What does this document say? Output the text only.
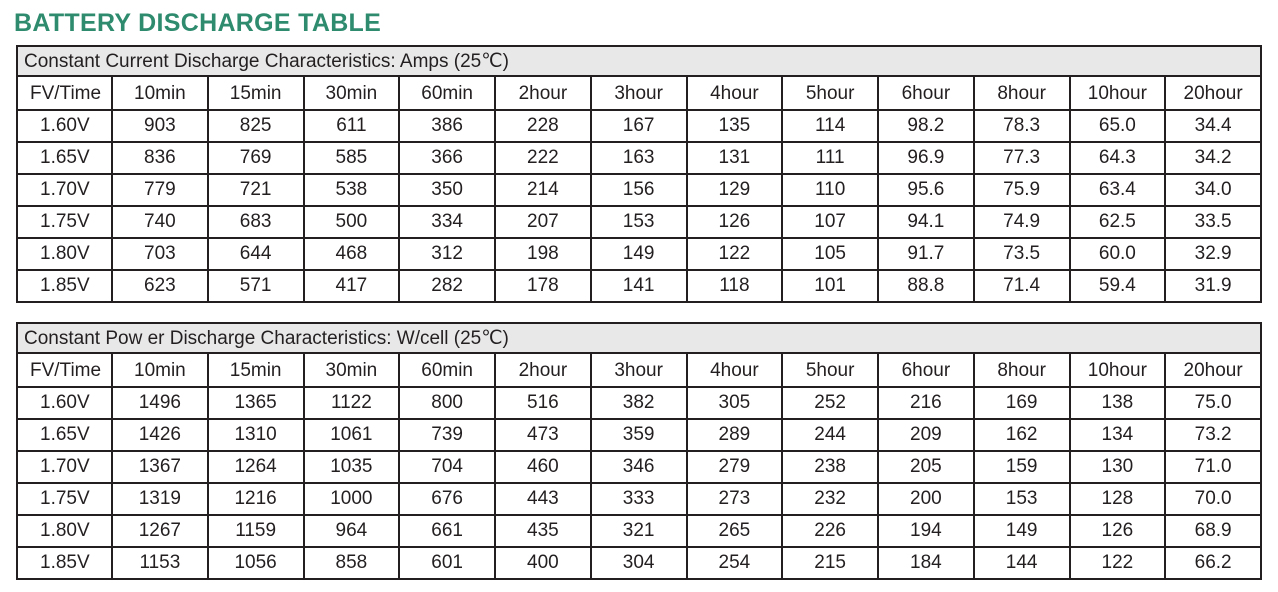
BATTERY DISCHARGE TABLE
Constant Current Discharge Characteristics: Amps (25℃)												
FV/Time	10min	15min	30min	60min	2hour	3hour	4hour	5hour	6hour	8hour	10hour	20hour
1.60V	903	825	611	386	228	167	135	114	98.2	78.3	65.0	34.4
1.65V	836	769	585	366	222	163	131	111	96.9	77.3	64.3	34.2
1.70V	779	721	538	350	214	156	129	110	95.6	75.9	63.4	34.0
1.75V	740	683	500	334	207	153	126	107	94.1	74.9	62.5	33.5
1.80V	703	644	468	312	198	149	122	105	91.7	73.5	60.0	32.9
1.85V	623	571	417	282	178	141	118	101	88.8	71.4	59.4	31.9
Constant Pow er Discharge Characteristics: W/cell (25℃)												
FV/Time	10min	15min	30min	60min	2hour	3hour	4hour	5hour	6hour	8hour	10hour	20hour
1.60V	1496	1365	1122	800	516	382	305	252	216	169	138	75.0
1.65V	1426	1310	1061	739	473	359	289	244	209	162	134	73.2
1.70V	1367	1264	1035	704	460	346	279	238	205	159	130	71.0
1.75V	1319	1216	1000	676	443	333	273	232	200	153	128	70.0
1.80V	1267	1159	964	661	435	321	265	226	194	149	126	68.9
1.85V	1153	1056	858	601	400	304	254	215	184	144	122	66.2
